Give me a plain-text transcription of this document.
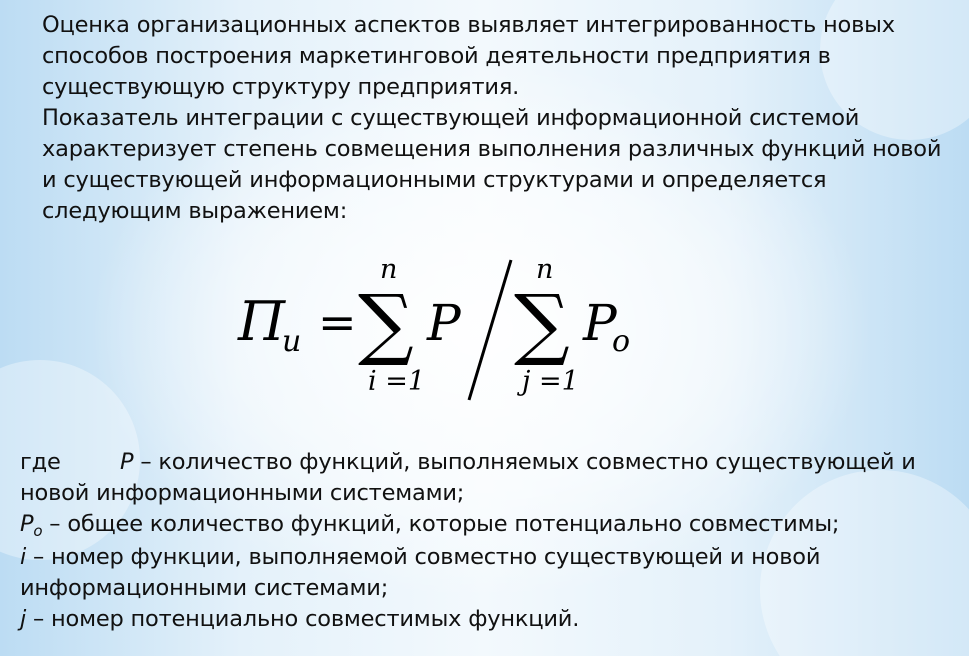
Оценка организационных аспектов выявляет интегрированность новых способов построения маркетинговой деятельности предприятия в существующую структуру предприятия.

Показатель интеграции с существующей информационной системой характеризует степень совмещения выполнения различных функций новой и существующей информационными структурами и определяется следующим выражением:

П
и =
n
∑
i =1
P
n
∑
j =1
P
o
где	P – количество функций, выполняемых совместно существующей и
новой информационными системами;
$P_o$ – общее количество функций, которые потенциально совместимы;
i – номер функции, выполняемой совместно существующей и новой
информационными системами;
j – номер потенциально совместимых функций.
